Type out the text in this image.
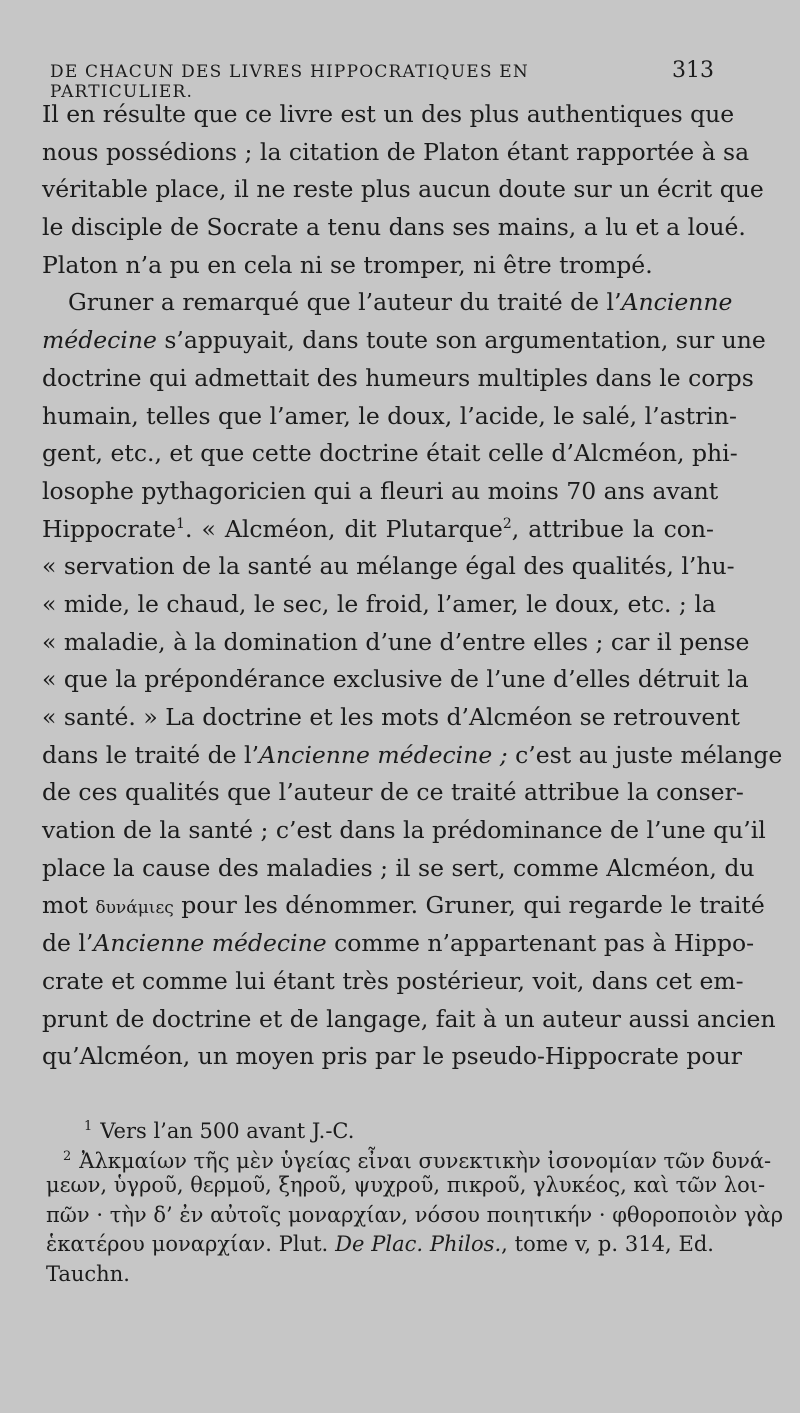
DE CHACUN DES LIVRES HIPPOCRATIQUES EN PARTICULIER.
313
Il en résulte que ce livre est un des plus authentiques que
nous possédions ; la citation de Platon étant rapportée à sa
véritable place, il ne reste plus aucun doute sur un écrit que
le disciple de Socrate a tenu dans ses mains, a lu et a loué.
Platon n’a pu en cela ni se tromper, ni être trompé.
Gruner a remarqué que l’auteur du traité de l’Ancienne
médecine s’appuyait, dans toute son argumentation, sur une
doctrine qui admettait des humeurs multiples dans le corps
humain, telles que l’amer, le doux, l’acide, le salé, l’astrin-
gent, etc., et que cette doctrine était celle d’Alcméon, phi-
losophe pythagoricien qui a fleuri au moins 70 ans avant
Hippocrate$^1$. « Alcméon, dit Plutarque$^2$, attribue la con-
« servation de la santé au mélange égal des qualités, l’hu-
« mide, le chaud, le sec, le froid, l’amer, le doux, etc. ; la
« maladie, à la domination d’une d’entre elles ; car il pense
« que la prépondérance exclusive de l’une d’elles détruit la
« santé. » La doctrine et les mots d’Alcméon se retrouvent
dans le traité de l’Ancienne médecine ; c’est au juste mélange
de ces qualités que l’auteur de ce traité attribue la conser-
vation de la santé ; c’est dans la prédominance de l’une qu’il
place la cause des maladies ; il se sert, comme Alcméon, du
mot δυνάμιες pour les dénommer. Gruner, qui regarde le traité
de l’Ancienne médecine comme n’appartenant pas à Hippo-
crate et comme lui étant très postérieur, voit, dans cet em-
prunt de doctrine et de langage, fait à un auteur aussi ancien
qu’Alcméon, un moyen pris par le pseudo-Hippocrate pour
$^1$ Vers l’an 500 avant J.-C.
$^2$ Ἀλκμαίων τῆς μὲν ὑγείας εἶναι συνεκτικὴν ἰσονομίαν τῶν δυνά-
μεων, ὑγροῦ, θερμοῦ, ξηροῦ, ψυχροῦ, πικροῦ, γλυκέος, καὶ τῶν λοι-
πῶν · τὴν δ’ ἐν αὐτοῖς μοναρχίαν, νόσου ποιητικήν · φθοροποιὸν γὰρ
ἑκατέρου μοναρχίαν. Plut. De Plac. Philos., tome v, p. 314, Ed.
Tauchn.
